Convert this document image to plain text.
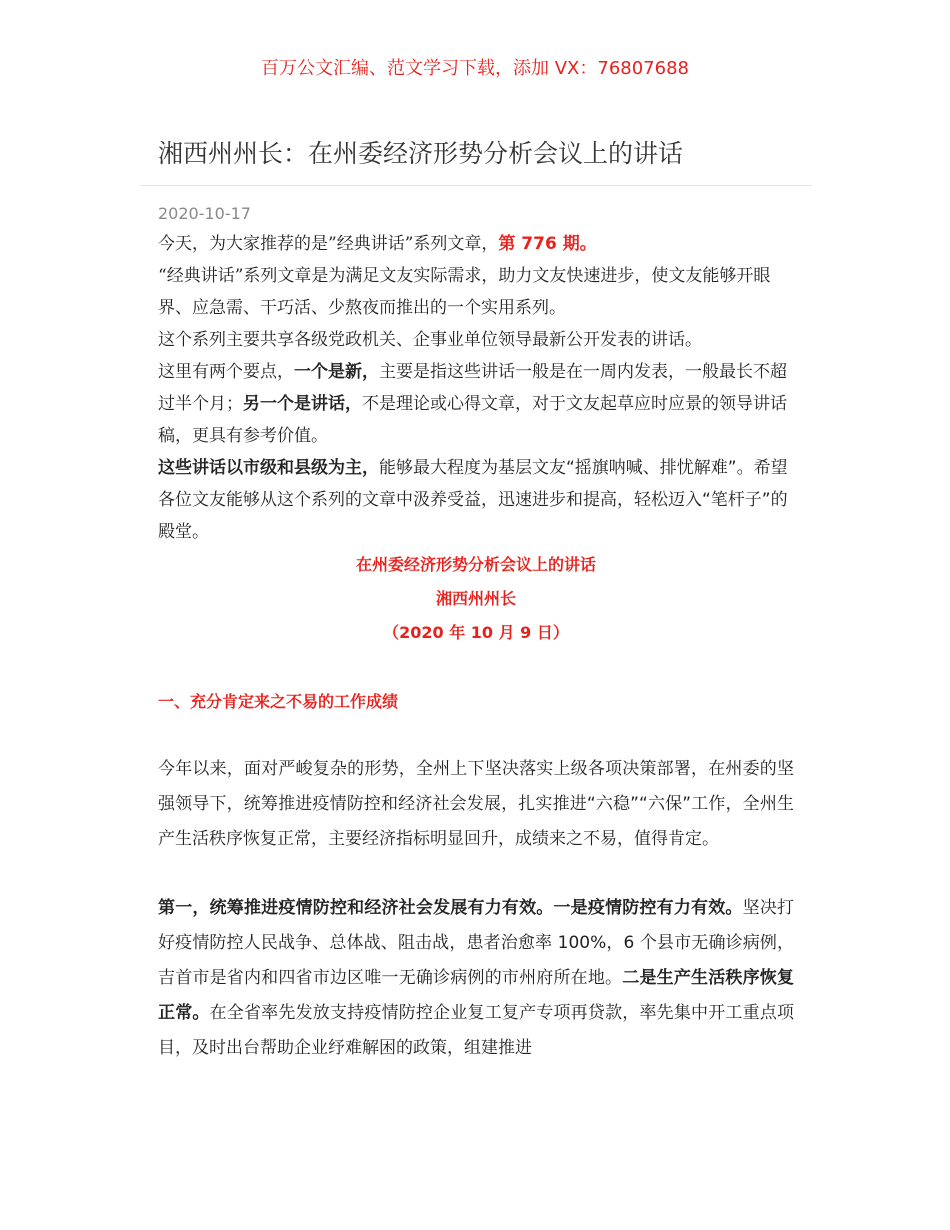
百万公文汇编、范文学习下载，添加 VX：76807688
湘西州州长：在州委经济形势分析会议上的讲话
2020-10-17

今天，为大家推荐的是”经典讲话”系列文章，第 776 期。

“经典讲话”系列文章是为满足文友实际需求，助力文友快速进步，使文友能够开眼界、应急需、干巧活、少熬夜而推出的一个实用系列。

这个系列主要共享各级党政机关、企事业单位领导最新公开发表的讲话。

这里有两个要点，一个是新，主要是指这些讲话一般是在一周内发表，一般最长不超过半个月；另一个是讲话，不是理论或心得文章，对于文友起草应时应景的领导讲话稿，更具有参考价值。

这些讲话以市级和县级为主，能够最大程度为基层文友“摇旗呐喊、排忧解难”。希望各位文友能够从这个系列的文章中汲养受益，迅速进步和提高，轻松迈入“笔杆子”的殿堂。

在州委经济形势分析会议上的讲话
湘西州州长
（2020 年 10 月 9 日）
一、充分肯定来之不易的工作成绩

今年以来，面对严峻复杂的形势，全州上下坚决落实上级各项决策部署，在州委的坚强领导下，统筹推进疫情防控和经济社会发展，扎实推进“六稳”“六保”工作，全州生产生活秩序恢复正常，主要经济指标明显回升，成绩来之不易，值得肯定。

第一，统筹推进疫情防控和经济社会发展有力有效。一是疫情防控有力有效。坚决打好疫情防控人民战争、总体战、阻击战，患者治愈率 100%，6 个县市无确诊病例，吉首市是省内和四省市边区唯一无确诊病例的市州府所在地。二是生产生活秩序恢复正常。在全省率先发放支持疫情防控企业复工复产专项再贷款，率先集中开工重点项目，及时出台帮助企业纾难解困的政策，组建推进
